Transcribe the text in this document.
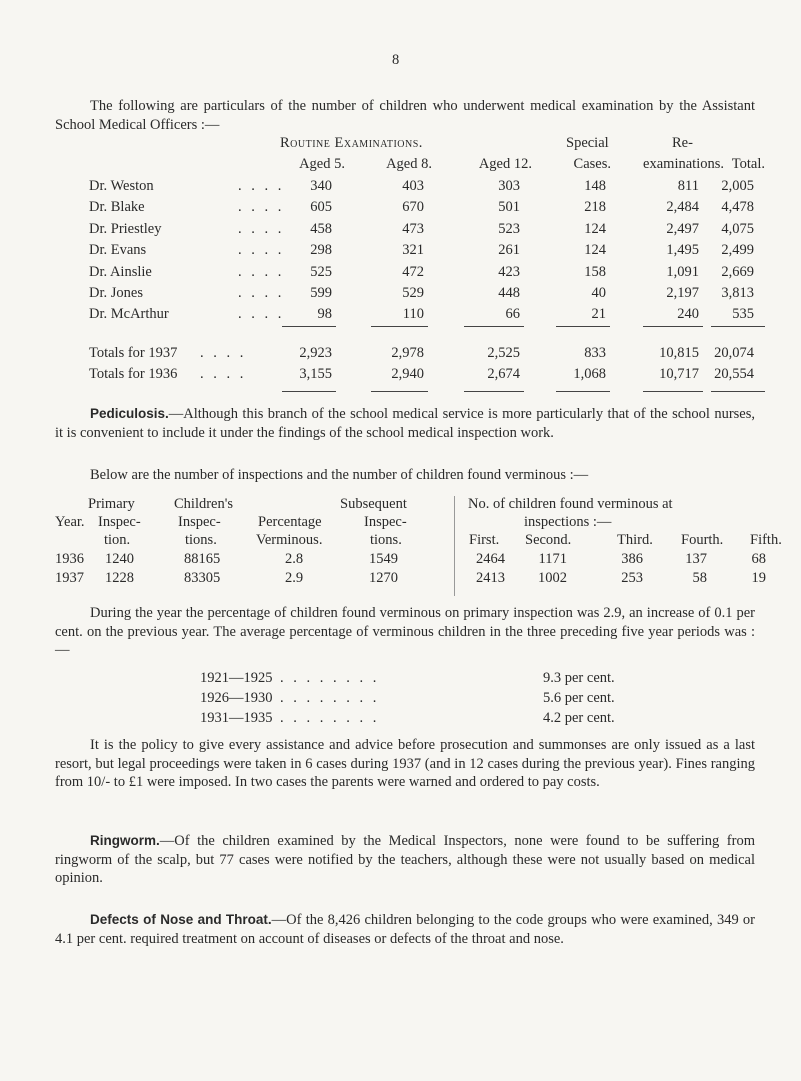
8

The following are particulars of the number of children who underwent medical examination by the Assistant School Medical Officers :—

Routine Examinations.	Special	Re-
Aged 5.	Aged 8.	Aged 12.	Cases. examinations. Total.
Dr. Weston	. . . . 340	403	303	148	811 2,005
Dr. Blake	. . . . 605	670	501	218	2,484 4,478
Dr. Priestley	. . . . 458	473	523	124	2,497 4,075
Dr. Evans	. . . . 298	321	261	124	1,495 2,499
Dr. Ainslie	. . . . 525	472	423	158	1,091 2,669
Dr. Jones	. . . . 599	529	448	40	2,197 3,813
Dr. McArthur	. . . . 98	110	66	21	240 535
Totals for 1937 . . . .	2,923	2,978	2,525	833	10,815 20,074
Totals for 1936 . . . .	3,155	2,940	2,674	1,068	10,717 20,554

Pediculosis.—Although this branch of the school medical service is more particularly that of the school nurses, it is convenient to include it under the findings of the school medical inspection work.

Below are the number of inspections and the number of children found verminous :—

Primary
Inspec-
tion.
Year.
Children's
Inspec-
tions.
Percentage
Verminous.
Subsequent
Inspec-
tions.
No. of children found verminous at
inspections :—
First. Second.	Third. Fourth. Fifth.
1936 1240	88165	2.8	1549	2464 1171	386	137	68
1937 1228	83305	2.9	1270	2413 1002	253	58	19

During the year the percentage of children found verminous on primary inspection was 2.9, an increase of 0.1 per cent. on the previous year. The average percentage of verminous children in the three preceding five year periods was :—

1921—1925 . . . . . . . .	9.3 per cent.
1926—1930 . . . . . . . .	5.6 per cent.
1931—1935 . . . . . . . .	4.2 per cent.

It is the policy to give every assistance and advice before prosecution and summonses are only issued as a last resort, but legal proceedings were taken in 6 cases during 1937 (and in 12 cases during the previous year). Fines ranging from 10/- to £1 were imposed. In two cases the parents were warned and ordered to pay costs.

Ringworm.—Of the children examined by the Medical Inspectors, none were found to be suffering from ringworm of the scalp, but 77 cases were notified by the teachers, although these were not usually based on medical opinion.

Defects of Nose and Throat.—Of the 8,426 children belonging to the code groups who were examined, 349 or 4.1 per cent. required treatment on account of diseases or defects of the throat and nose.
